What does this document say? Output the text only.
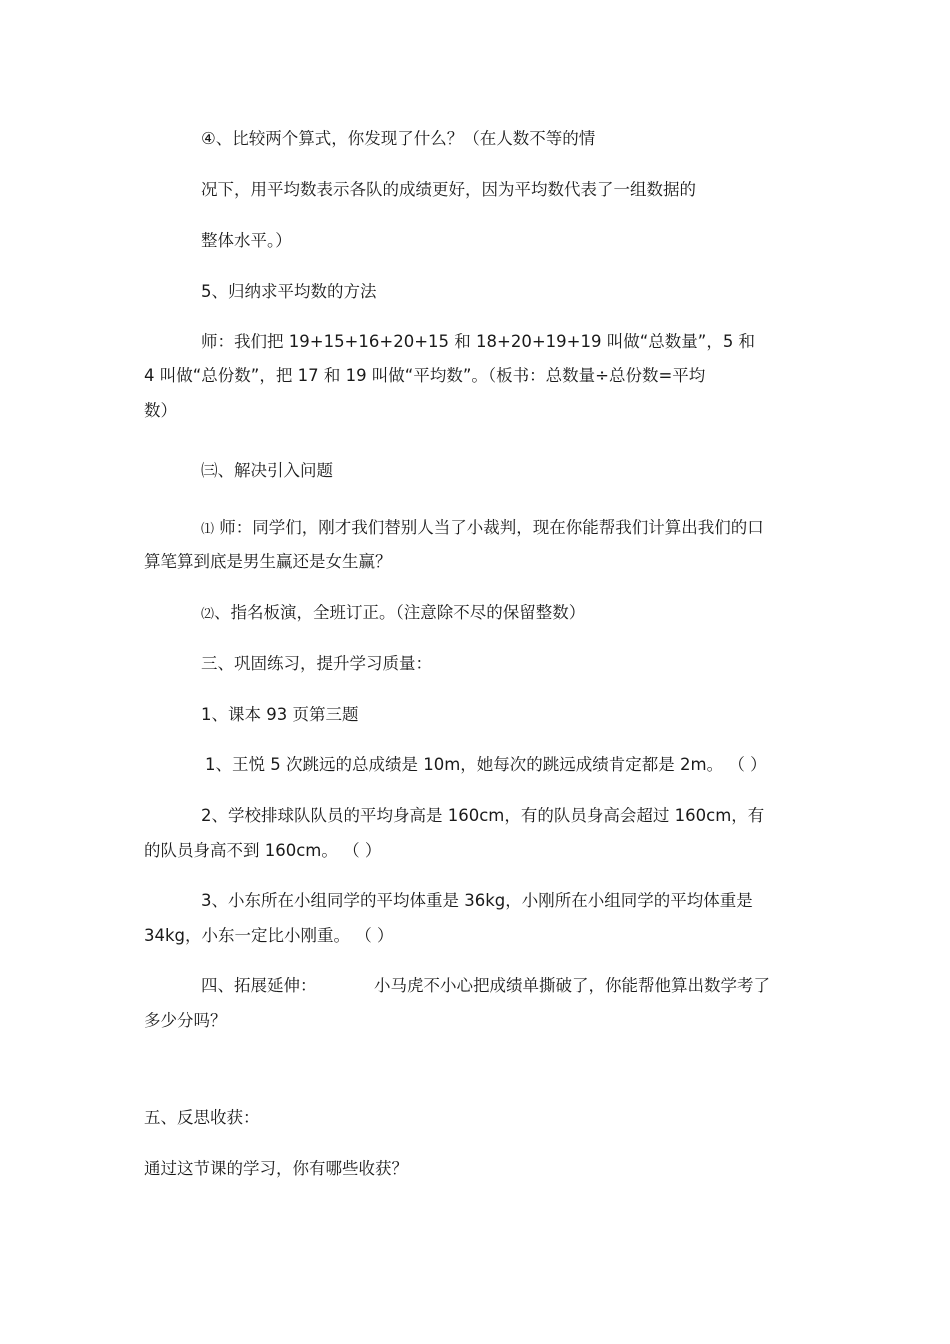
④、比较两个算式，你发现了什么？（在人数不等的情
况下，用平均数表示各队的成绩更好，因为平均数代表了一组数据的
整体水平。）
5、归纳求平均数的方法
师：我们把 19+15+16+20+15 和 18+20+19+19 叫做“总数量”，5 和
4 叫做“总份数”，把 17 和 19 叫做“平均数”。（板书：总数量÷总份数=平均
数）
㈢、解决引入问题
⑴ 师：同学们，刚才我们替别人当了小裁判，现在你能帮我们计算出我们的口
算笔算到底是男生赢还是女生赢？
⑵、指名板演，全班订正。（注意除不尽的保留整数）
三、巩固练习，提升学习质量：
1、课本 93 页第三题
1、王悦 5 次跳远的总成绩是 10m，她每次的跳远成绩肯定都是 2m。 （ ）
2、学校排球队队员的平均身高是 160cm，有的队员身高会超过 160cm，有
的队员身高不到 160cm。 （ ）
3、小东所在小组同学的平均体重是 36kg，小刚所在小组同学的平均体重是
34kg，小东一定比小刚重。 （ ）
四、拓展延伸：	小马虎不小心把成绩单撕破了，你能帮他算出数学考了
多少分吗？
五、反思收获：
通过这节课的学习，你有哪些收获？
